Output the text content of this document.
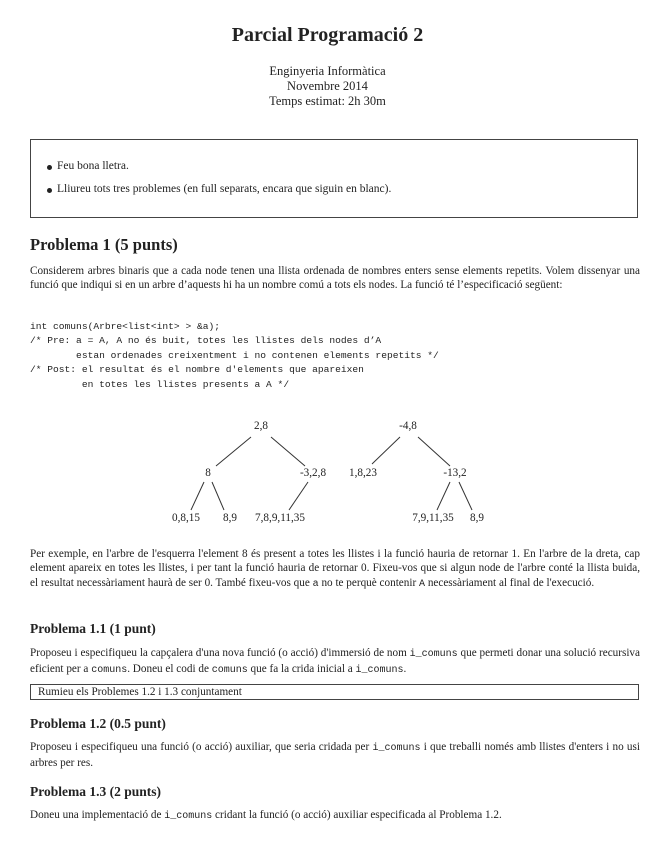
Parcial Programació 2
Enginyeria Informàtica
Novembre 2014
Temps estimat: 2h 30m
Feu bona lletra.
Lliureu tots tres problemes (en full separats, encara que siguin en blanc).
Problema 1 (5 punts)

Considerem arbres binaris que a cada node tenen una llista ordenada de nombres enters sense elements repetits. Volem dissenyar una funció que indiqui si en un arbre d’aquests hi ha un nombre comú a tots els nodes. La funció té l’especificació següent:

int comuns(Arbre<list<int> > &a);
/* Pre: a = A, A no és buit, totes les llistes dels nodes d’A
estan ordenades creixentment i no contenen elements repetits */
/* Post: el resultat és el nombre d'elements que apareixen
en totes les llistes presents a A */
2,8
8	-3,2,8
0,8,15 8,9 7,8,9,11,35
-4,8
1,8,23	-13,2
7,9,11,35 8,9

Per exemple, en l'arbre de l'esquerra l'element 8 és present a totes les llistes i la funció hauria de retornar 1. En l'arbre de la dreta, cap element apareix en totes les llistes, i per tant la funció hauria de retornar 0. Fixeu-vos que si algun node de l'arbre conté la llista buida, el resultat necessàriament haurà de ser 0. També fixeu-vos que a no te perquè contenir A necessàriament al final de l'execució.

Problema 1.1 (1 punt)

Proposeu i especifiqueu la capçalera d'una nova funció (o acció) d'immersió de nom i_comuns que permeti donar una solució recursiva eficient per a comuns. Doneu el codi de comuns que fa la crida inicial a i_comuns.

Rumieu els Problemes 1.2 i 1.3 conjuntament
Problema 1.2 (0.5 punt)

Proposeu i especifiqueu una funció (o acció) auxiliar, que seria cridada per i_comuns i que treballi només amb llistes d'enters i no usi arbres per res.

Problema 1.3 (2 punts)

Doneu una implementació de i_comuns cridant la funció (o acció) auxiliar especificada al Problema 1.2.
